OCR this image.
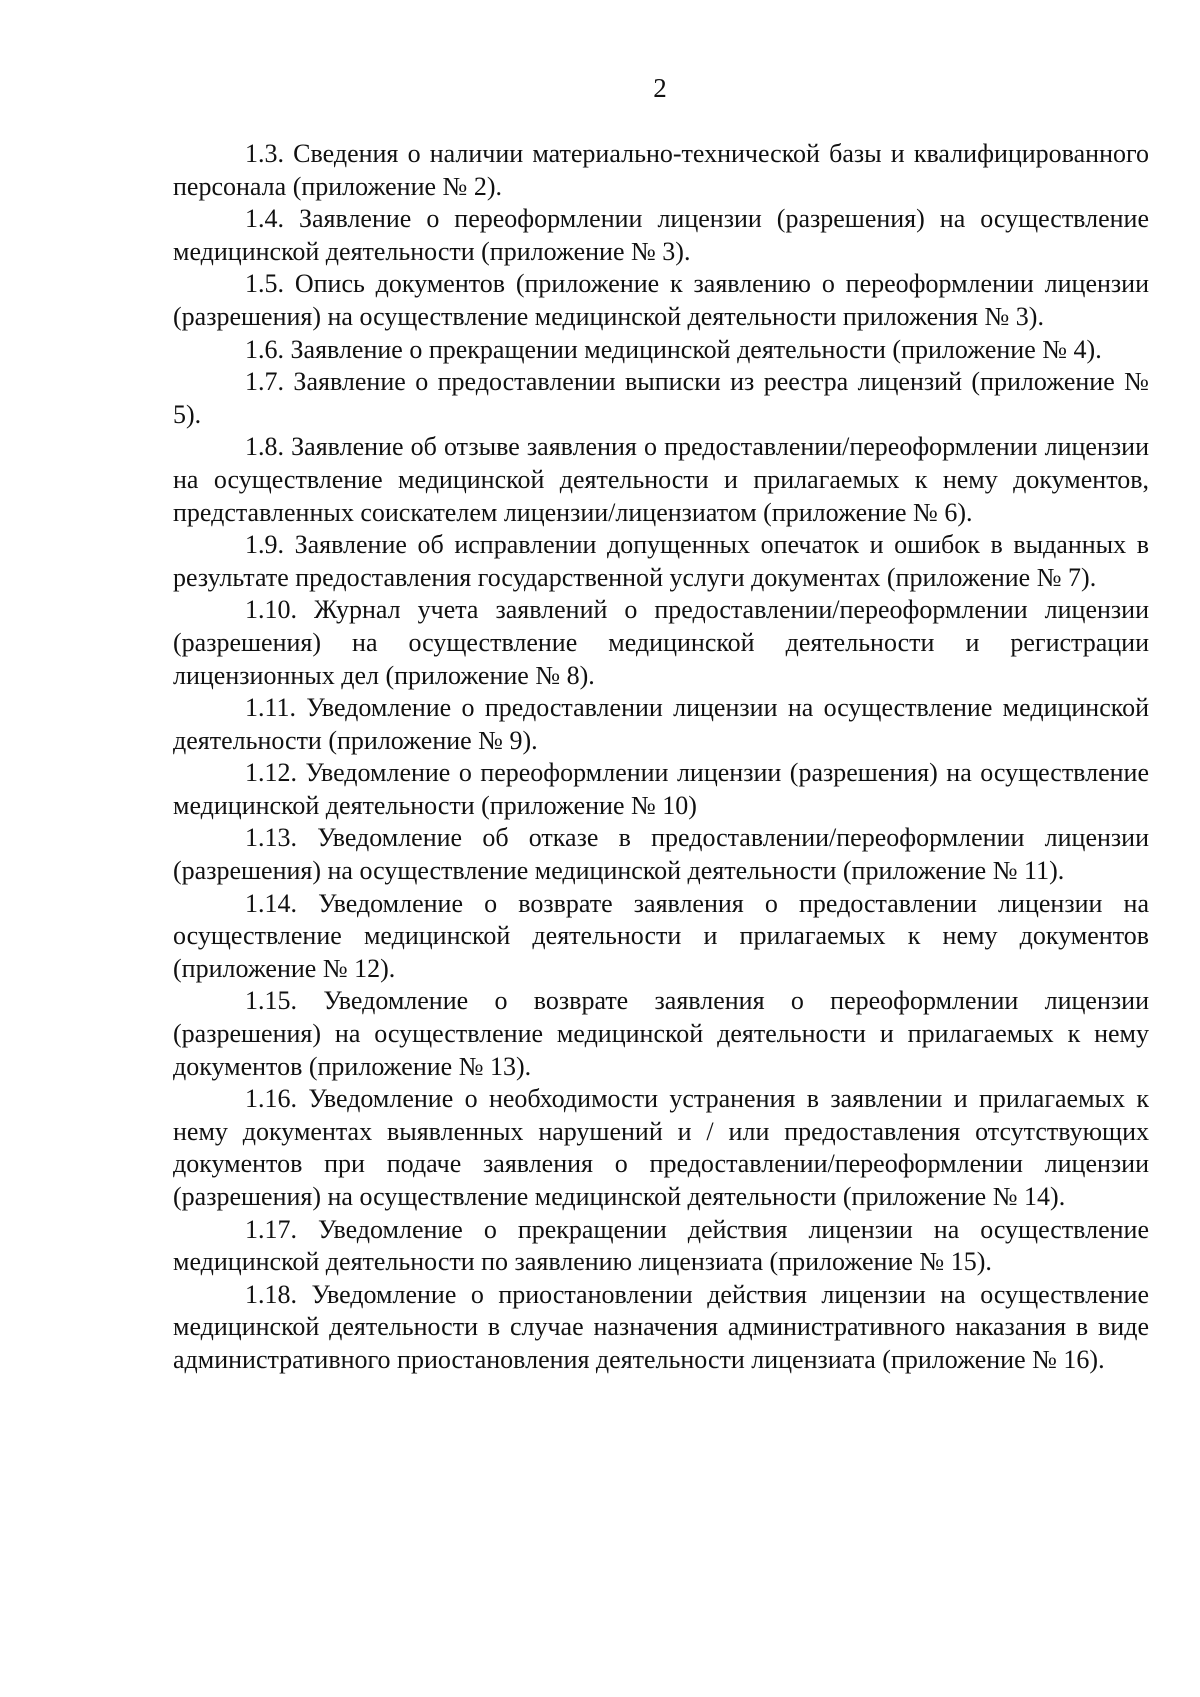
2

1.3. Сведения о наличии материально-технической базы и квалифицированного персонала (приложение № 2).

1.4. Заявление о переоформлении лицензии (разрешения) на осуществление медицинской деятельности (приложение № 3).

1.5. Опись документов (приложение к заявлению о переоформлении лицензии (разрешения) на осуществление медицинской деятельности приложения № 3).

1.6. Заявление о прекращении медицинской деятельности (приложение № 4).

1.7. Заявление о предоставлении выписки из реестра лицензий (приложение № 5).

1.8. Заявление об отзыве заявления о предоставлении/переоформлении лицензии на осуществление медицинской деятельности и прилагаемых к нему документов, представленных соискателем лицензии/лицензиатом (приложение № 6).

1.9. Заявление об исправлении допущенных опечаток и ошибок в выданных в результате предоставления государственной услуги документах (приложение № 7).

1.10. Журнал учета заявлений о предоставлении/переоформлении лицензии (разрешения) на осуществление медицинской деятельности и регистрации лицензионных дел (приложение № 8).

1.11. Уведомление о предоставлении лицензии на осуществление медицинской деятельности (приложение № 9).

1.12. Уведомление о переоформлении лицензии (разрешения) на осуществление медицинской деятельности (приложение № 10)

1.13. Уведомление об отказе в предоставлении/переоформлении лицензии (разрешения) на осуществление медицинской деятельности (приложение № 11).

1.14. Уведомление о возврате заявления о предоставлении лицензии на осуществление медицинской деятельности и прилагаемых к нему документов (приложение № 12).

1.15. Уведомление о возврате заявления о переоформлении лицензии (разрешения) на осуществление медицинской деятельности и прилагаемых к нему документов (приложение № 13).

1.16. Уведомление о необходимости устранения в заявлении и прилагаемых к нему документах выявленных нарушений и / или предоставления отсутствующих документов при подаче заявления о предоставлении/переоформлении лицензии (разрешения) на осуществление медицинской деятельности (приложение № 14).

1.17. Уведомление о прекращении действия лицензии на осуществление медицинской деятельности по заявлению лицензиата (приложение № 15).

1.18. Уведомление о приостановлении действия лицензии на осуществление медицинской деятельности в случае назначения административного наказания в виде административного приостановления деятельности лицензиата (приложение № 16).
